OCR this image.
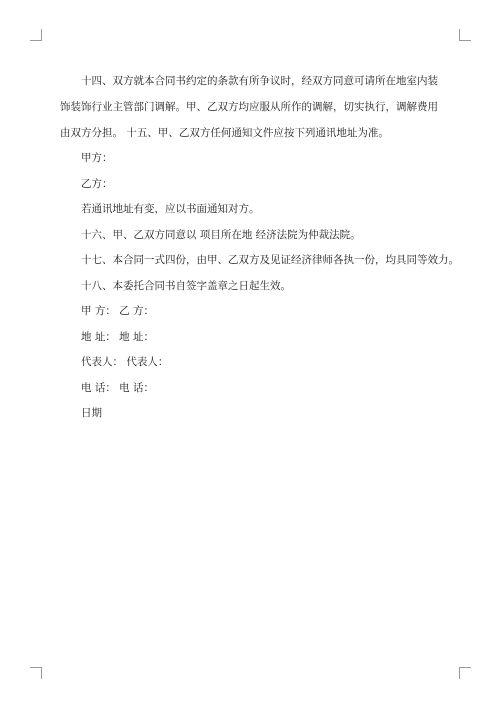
十四、双方就本合同书约定的条款有所争议时，经双方同意可请所在地室内装饰装饰行业主管部门调解。甲、乙双方均应服从所作的调解，切实执行，调解费用由双方分担。 十五、甲、乙双方任何通知文件应按下列通讯地址为准。

甲方：

乙方：

若通讯地址有变，应以书面通知对方。

十六、甲、乙双方同意以 项目所在地 经济法院为仲裁法院。

十七、本合同一式四份，由甲、乙双方及见证经济律师各执一份，均具同等效力。

十八、本委托合同书自签字盖章之日起生效。

甲 方： 乙 方：

地 址： 地 址：

代表人： 代表人：

电 话： 电 话：

日期
